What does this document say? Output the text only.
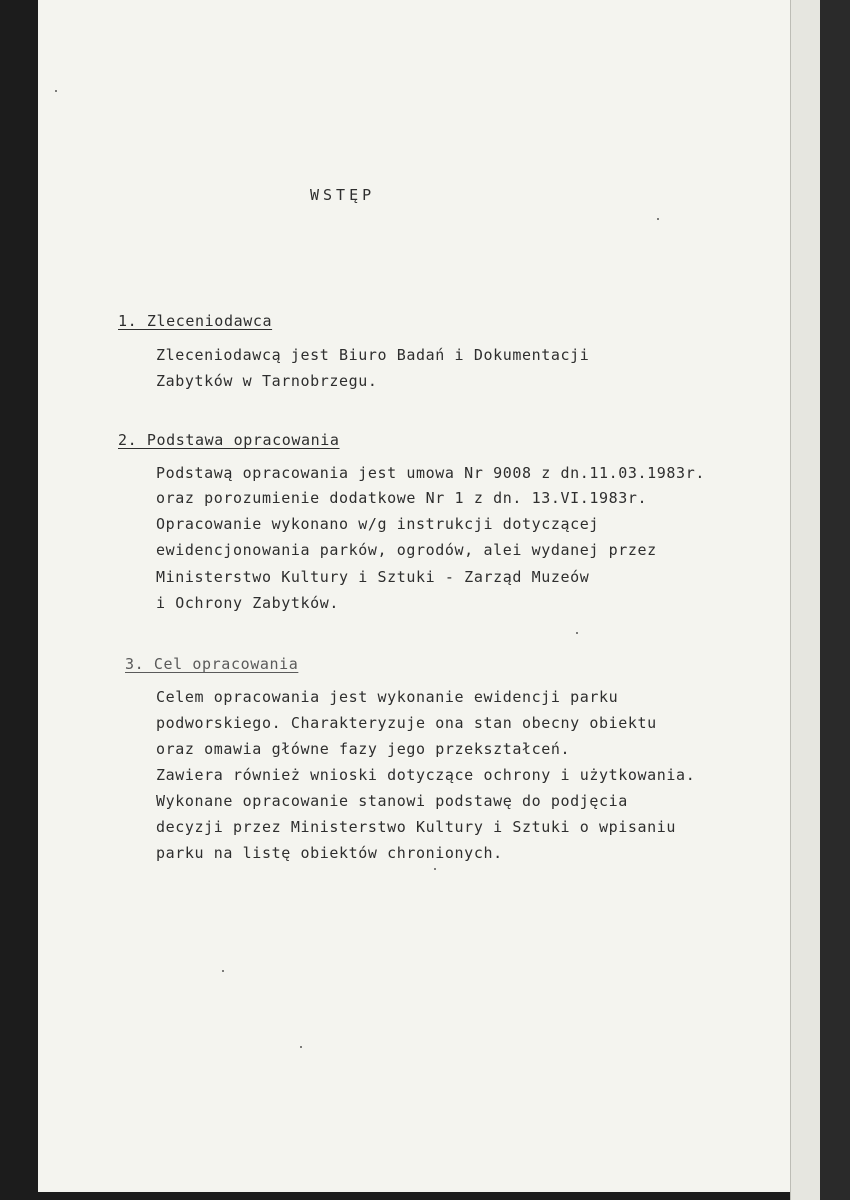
WSTĘP

1. Zleceniodawca

Zleceniodawcą jest Biuro Badań i Dokumentacji

Zabytków w Tarnobrzegu.

2. Podstawa opracowania

Podstawą opracowania jest umowa Nr 9008 z dn.11.03.1983r.

oraz porozumienie dodatkowe Nr 1 z dn. 13.VI.1983r.

Opracowanie wykonano w/g instrukcji dotyczącej

ewidencjonowania parków, ogrodów, alei wydanej przez

Ministerstwo Kultury i Sztuki - Zarząd Muzeów

i Ochrony Zabytków.

3. Cel opracowania

Celem opracowania jest wykonanie ewidencji parku

podworskiego. Charakteryzuje ona stan obecny obiektu

oraz omawia główne fazy jego przekształceń.

Zawiera również wnioski dotyczące ochrony i użytkowania.

Wykonane opracowanie stanowi podstawę do podjęcia

decyzji przez Ministerstwo Kultury i Sztuki o wpisaniu

parku na listę obiektów chronionych.
